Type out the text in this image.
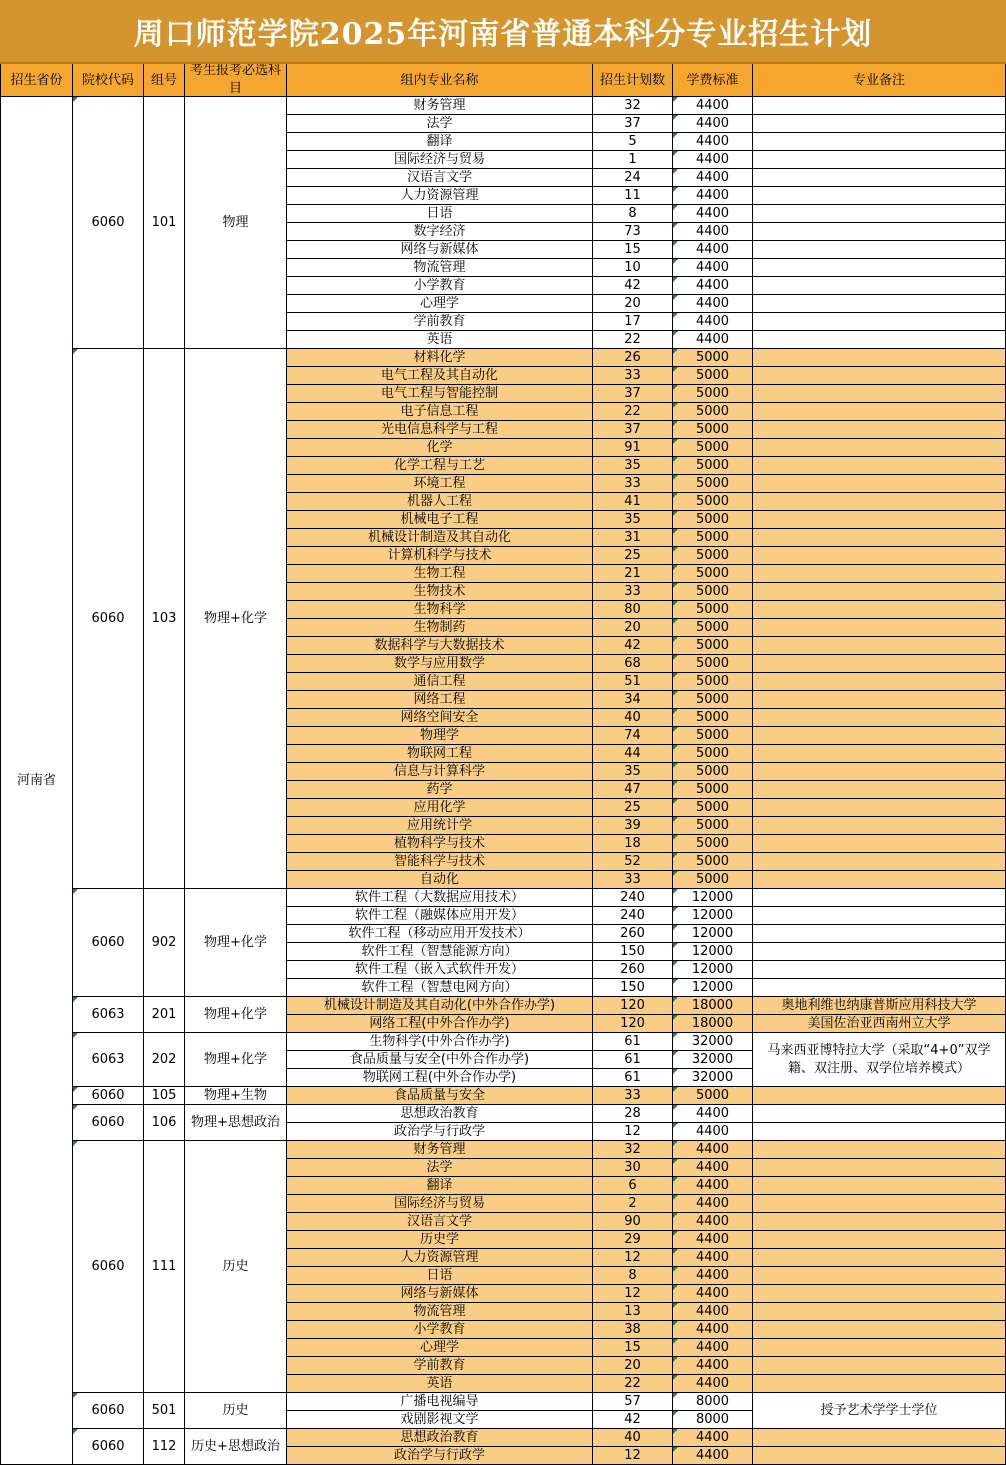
周口师范学院2025年河南省普通本科分专业招生计划
招生省份	院校代码	组号
考生报考必选科目
组内专业名称	招生计划数	学费标准	专业备注
河南省
6060	101	物理
财务管理	32	4400
法学	37	4400
翻译	5	4400
国际经济与贸易	1	4400
汉语言文学	24	4400
人力资源管理	11	4400
日语	8	4400
数字经济	73	4400
网络与新媒体	15	4400
物流管理	10	4400
小学教育	42	4400
心理学	20	4400
学前教育	17	4400
英语	22	4400
6060	103	物理+化学
材料化学	26	5000
电气工程及其自动化	33	5000
电气工程与智能控制	37	5000
电子信息工程	22	5000
光电信息科学与工程	37	5000
化学	91	5000
化学工程与工艺	35	5000
环境工程	33	5000
机器人工程	41	5000
机械电子工程	35	5000
机械设计制造及其自动化	31	5000
计算机科学与技术	25	5000
生物工程	21	5000
生物技术	33	5000
生物科学	80	5000
生物制药	20	5000
数据科学与大数据技术	42	5000
数学与应用数学	68	5000
通信工程	51	5000
网络工程	34	5000
网络空间安全	40	5000
物理学	74	5000
物联网工程	44	5000
信息与计算科学	35	5000
药学	47	5000
应用化学	25	5000
应用统计学	39	5000
植物科学与技术	18	5000
智能科学与技术	52	5000
自动化	33	5000
6060	902	物理+化学
软件工程（大数据应用技术）	240	12000
软件工程（融媒体应用开发）	240	12000
软件工程（移动应用开发技术）	260	12000
软件工程（智慧能源方向）	150	12000
软件工程（嵌入式软件开发）	260	12000
软件工程（智慧电网方向）	150	12000
6063	201	物理+化学
机械设计制造及其自动化(中外合作办学)	120	18000
网络工程(中外合作办学)	120	18000
奥地利维也纳康普斯应用科技大学
美国佐治亚西南州立大学
6063	202	物理+化学
生物科学(中外合作办学)	61	32000
食品质量与安全(中外合作办学)	61	32000
物联网工程(中外合作办学)	61	32000
马来西亚博特拉大学（采取“4+0”双学籍、双注册、双学位培养模式）
6060	105	物理+生物	食品质量与安全	33	5000
6060	106	物理+思想政治
思想政治教育	28	4400
政治学与行政学	12	4400
6060	111	历史
财务管理	32	4400
法学	30	4400
翻译	6	4400
国际经济与贸易	2	4400
汉语言文学	90	4400
历史学	29	4400
人力资源管理	12	4400
日语	8	4400
网络与新媒体	12	4400
物流管理	13	4400
小学教育	38	4400
心理学	15	4400
学前教育	20	4400
英语	22	4400
6060	501	历史
广播电视编导	57	8000
戏剧影视文学	42	8000
授予艺术学学士学位
6060	112	历史+思想政治
思想政治教育	40	4400
政治学与行政学	12	4400
